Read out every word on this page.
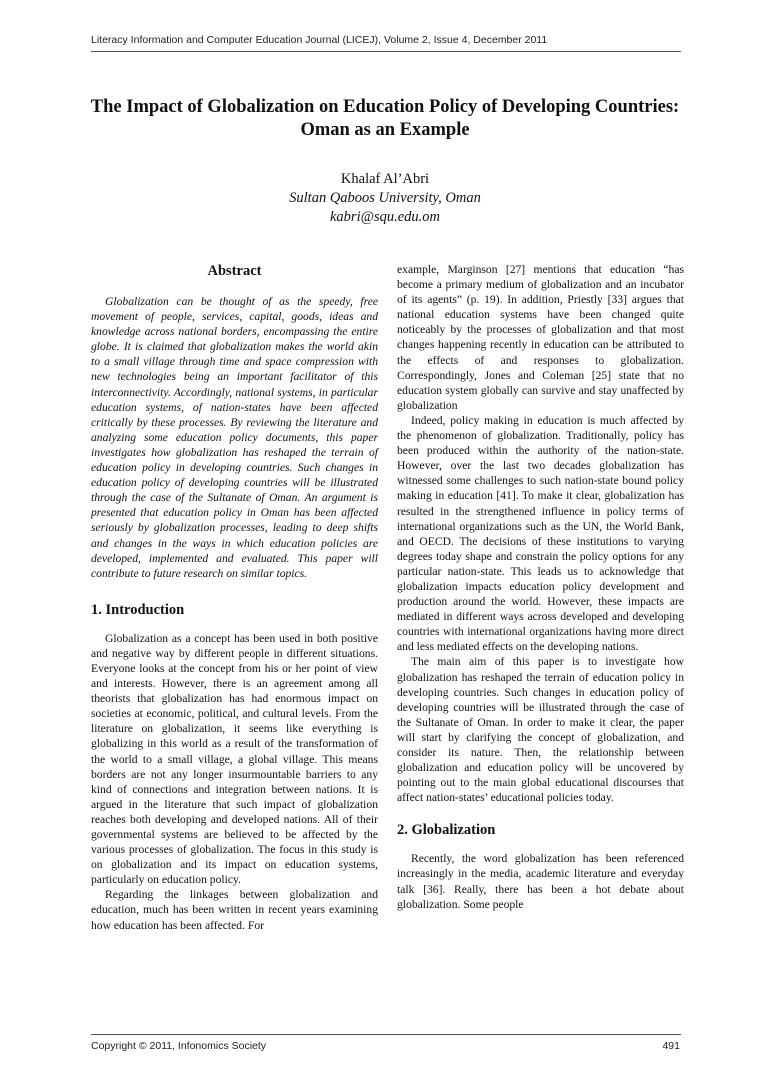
Literacy Information and Computer Education Journal (LICEJ), Volume 2, Issue 4, December 2011
The Impact of Globalization on Education Policy of Developing Countries:
Oman as an Example
Khalaf Al’Abri
Sultan Qaboos University, Oman
kabri@squ.edu.om
Abstract

Globalization can be thought of as the speedy, free movement of people, services, capital, goods, ideas and knowledge across national borders, encompassing the entire globe. It is claimed that globalization makes the world akin to a small village through time and space compression with new technologies being an important facilitator of this interconnectivity. Accordingly, national systems, in particular education systems, of nation-states have been affected critically by these processes. By reviewing the literature and analyzing some education policy documents, this paper investigates how globalization has reshaped the terrain of education policy in developing countries. Such changes in education policy of developing countries will be illustrated through the case of the Sultanate of Oman. An argument is presented that education policy in Oman has been affected seriously by globalization processes, leading to deep shifts and changes in the ways in which education policies are developed, implemented and evaluated. This paper will contribute to future research on similar topics.

1. Introduction

Globalization as a concept has been used in both positive and negative way by different people in different situations. Everyone looks at the concept from his or her point of view and interests. However, there is an agreement among all theorists that globalization has had enormous impact on societies at economic, political, and cultural levels. From the literature on globalization, it seems like everything is globalizing in this world as a result of the transformation of the world to a small village, a global village. This means borders are not any longer insurmountable barriers to any kind of connections and integration between nations. It is argued in the literature that such impact of globalization reaches both developing and developed nations. All of their governmental systems are believed to be affected by the various processes of globalization. The focus in this study is on globalization and its impact on education systems, particularly on education policy.

Regarding the linkages between globalization and education, much has been written in recent years examining how education has been affected. For

example, Marginson [27] mentions that education “has become a primary medium of globalization and an incubator of its agents” (p. 19). In addition, Priestly [33] argues that national education systems have been changed quite noticeably by the processes of globalization and that most changes happening recently in education can be attributed to the effects of and responses to globalization. Correspondingly, Jones and Coleman [25] state that no education system globally can survive and stay unaffected by globalization

Indeed, policy making in education is much affected by the phenomenon of globalization. Traditionally, policy has been produced within the authority of the nation-state. However, over the last two decades globalization has witnessed some challenges to such nation-state bound policy making in education [41]. To make it clear, globalization has resulted in the strengthened influence in policy terms of international organizations such as the UN, the World Bank, and OECD. The decisions of these institutions to varying degrees today shape and constrain the policy options for any particular nation-state. This leads us to acknowledge that globalization impacts education policy development and production around the world. However, these impacts are mediated in different ways across developed and developing countries with international organizations having more direct and less mediated effects on the developing nations.

The main aim of this paper is to investigate how globalization has reshaped the terrain of education policy in developing countries. Such changes in education policy of developing countries will be illustrated through the case of the Sultanate of Oman. In order to make it clear, the paper will start by clarifying the concept of globalization, and consider its nature. Then, the relationship between globalization and education policy will be uncovered by pointing out to the main global educational discourses that affect nation-states’ educational policies today.

2. Globalization

Recently, the word globalization has been referenced increasingly in the media, academic literature and everyday talk [36]. Really, there has been a hot debate about globalization. Some people

Copyright © 2011, Infonomics Society	491
